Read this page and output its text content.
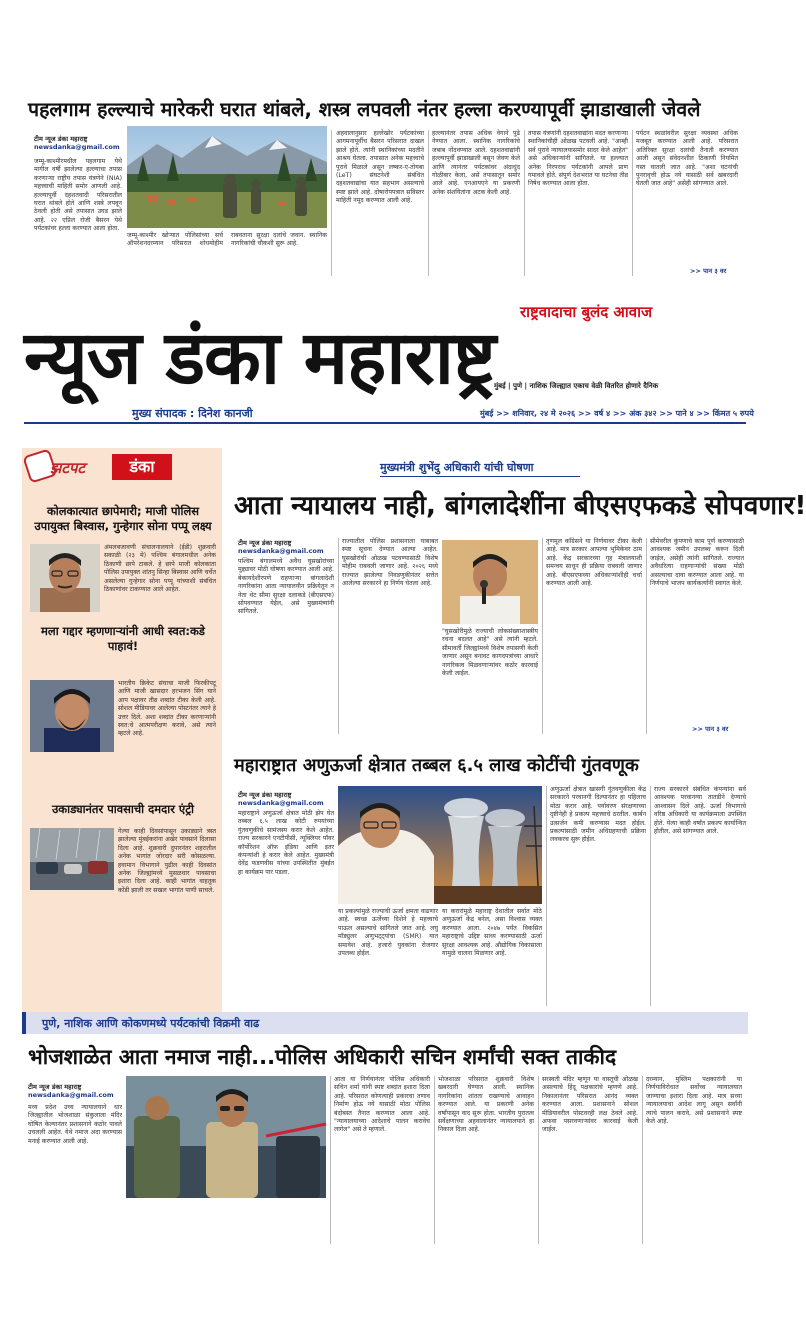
पहलगाम हल्ल्याचे मारेकरी घरात थांबले, शस्त्र लपवली नंतर हल्ला करण्यापूर्वी झाडाखाली जेवले
टीम न्यूज डंका महाराष्ट्र
newsdanka@gmail.com
जम्मू-काश्मीरमधील पहलगाम येथे मागील वर्षी झालेल्या हल्ल्याचा तपास करणाऱ्या राष्ट्रीय तपास यंत्रणेने (NIA) महत्त्वाची माहिती समोर आणली आहे. हल्ल्यापूर्वी दहशतवादी परिसरातील घरात थांबले होते आणि शस्त्रे लपवून ठेवली होती असे तपासात उघड झाले आहे. २२ एप्रिल रोजी बैसरन येथे पर्यटकांवर हल्ला करण्यात आला होता.
जम्मू-काश्मीर खोऱ्यात पोलिसांच्या सर्च ऑपरेशनदरम्यान परिसरात शोधमोहीम राबवताना सुरक्षा दलांचे जवान. स्थानिक नागरिकांची चौकशी सुरू आहे.
अहवालानुसार हल्लेखोर पर्यटकांच्या आगमनापूर्वीच बैसरन परिसरात दाखल झाले होते. त्यांनी स्थानिकांच्या मदतीने आश्रय घेतला. तपासात अनेक महत्त्वाचे पुरावे मिळाले असून लष्कर-ए-तोयबा (LeT) संघटनेशी संबंधित दहशतवाद्यांचा यात सहभाग असल्याचे स्पष्ट झाले आहे. दोषारोपपत्रात सविस्तर माहिती नमूद करण्यात आली आहे.
हल्ल्यानंतर तपास अधिक वेगाने पुढे नेण्यात आला. स्थानिक नागरिकांचे जबाब नोंदवण्यात आले. दहशतवाद्यांनी हल्ल्यापूर्वी झाडाखाली बसून जेवण केले आणि त्यानंतर पर्यटकांवर अंदाधुंद गोळीबार केला, असे तपासातून समोर आले आहे. एनआयएने या प्रकरणी अनेक संशयितांना अटक केली आहे.
तपास यंत्रणांनी दहशतवाद्यांना मदत करणाऱ्या स्थानिकांचीही ओळख पटवली आहे. "आम्ही सर्व पुरावे न्यायालयासमोर सादर केले आहेत" असे अधिकाऱ्यांनी सांगितले. या हल्ल्यात अनेक निरपराध पर्यटकांनी आपले प्राण गमावले होते. संपूर्ण देशभरात या घटनेचा तीव्र निषेध करण्यात आला होता.
पर्यटन स्थळांवरील सुरक्षा व्यवस्था अधिक मजबूत करण्यात आली आहे. परिसरात अतिरिक्त सुरक्षा दलांची तैनाती करण्यात आली असून संवेदनशील ठिकाणी नियमित गस्त घातली जात आहे. "अशा घटनांची पुनरावृत्ती होऊ नये यासाठी सर्व खबरदारी घेतली जात आहे" असेही सांगण्यात आले.
>> पान ३ वर
राष्ट्रवादाचा बुलंद आवाज
न्यूज डंका महाराष्ट्र
मुंबई | पुणे | नाशिक जिल्ह्यात एकाच वेळी वितरित होणारे दैनिक
मुख्य संपादक : दिनेश कानजी	मुंबई >> शनिवार, २४ मे २०२६ >> वर्ष ४ >> अंक ३४२ >> पाने ४ >> किंमत ५ रुपये
झटपट	डंका
कोलकात्यात छापेमारी; माजी पोलिस उपायुक्त बिस्वास, गुन्हेगार सोना पप्पू लक्ष्य
अंमलबजावणी संचालनालयाने (ईडी) शुक्रवारी सकाळी (२३ मे) पश्चिम बंगालमधील अनेक ठिकाणी छापे टाकले. हे छापे माजी कोलकाता पोलिस उपायुक्त शांतनु सिन्हा बिस्वास आणि चर्चेत असलेल्या गुन्हेगार सोना पप्पू यांच्याशी संबंधित ठिकाणांवर टाकण्यात आले आहेत.
मला गद्दार म्हणणाऱ्यांनी आधी स्वत:कडे पाहावं!
भारतीय क्रिकेट संघाचा माजी फिरकीपटू आणि माजी खासदार हरभजन सिंग याने आप पक्षावर तीव्र शब्दांत टीका केली आहे. सोशल मीडियावर आलेल्या पोस्टनंतर त्याने हे उत्तर दिले. अशा शब्दांत टीका करणाऱ्यांनी स्वत:चे आत्मपरीक्षण करावे, असे त्याने म्हटले आहे.
उकाड्यानंतर पावसाची दमदार एंट्री
गेल्या काही दिवसांपासून उकाड्याने त्रस्त झालेल्या मुंबईकरांना अखेर पावसाने दिलासा दिला आहे. शुक्रवारी दुपारनंतर शहरातील अनेक भागांत जोरदार सरी कोसळल्या. हवामान विभागाने पुढील काही दिवसांत अनेक जिल्ह्यांमध्ये मुसळधार पावसाचा इशारा दिला आहे. काही भागांत वाहतूक कोंडी झाली तर सखल भागांत पाणी साचले.
मुख्यमंत्री शुभेंदु अधिकारी यांची घोषणा
आता न्यायालय नाही, बांगलादेशींना बीएसएफकडे सोपवणार!
टीम न्यूज डंका महाराष्ट्र
newsdanka@gmail.com
पश्चिम बंगालमध्ये अवैध घुसखोरांच्या मुद्द्यावर मोठी घोषणा करण्यात आली आहे. बेकायदेशीरपणे राहणाऱ्या बांगलादेशी नागरिकांना आता न्यायालयीन प्रक्रियेतून न नेता थेट सीमा सुरक्षा दलाकडे (बीएसएफ) सोपवण्यात येईल, असे मुख्यमंत्र्यांनी सांगितले.
राज्यातील पोलिस प्रशासनाला याबाबत स्पष्ट सूचना देण्यात आल्या आहेत. घुसखोरांची ओळख पटवण्यासाठी विशेष मोहीम राबवली जाणार आहे. २०२६ मध्ये राज्यात झालेल्या निवडणुकीनंतर सत्तेत आलेल्या सरकारने हा निर्णय घेतला आहे.
"घुसखोरीमुळे राज्याची लोकसंख्याशास्त्रीय रचना बदलत आहे" असे त्यांनी म्हटले. सीमावर्ती जिल्ह्यांमध्ये विशेष तपासणी केली जाणार असून बनावट कागदपत्रांच्या आधारे नागरिकत्व मिळवणाऱ्यांवर कठोर कारवाई केली जाईल.
तृणमूल काँग्रेसने या निर्णयावर टीका केली आहे. मात्र सरकार आपल्या भूमिकेवर ठाम आहे. केंद्र सरकारच्या गृह मंत्रालयाशी समन्वय साधून ही प्रक्रिया राबवली जाणार आहे. बीएसएफच्या अधिकाऱ्यांशीही चर्चा करण्यात आली आहे.
सीमेवरील कुंपणाचे काम पूर्ण करण्यासाठी आवश्यक जमीन उपलब्ध करून दिली जाईल, असेही त्यांनी सांगितले. राज्यात अवैधरित्या राहणाऱ्यांची संख्या मोठी असल्याचा दावा करण्यात आला आहे. या निर्णयाचे भाजप कार्यकर्त्यांनी स्वागत केले.
>> पान ३ वर
महाराष्ट्रात अणुऊर्जा क्षेत्रात तब्बल ६.५ लाख कोटींची गुंतवणूक
टीम न्यूज डंका महाराष्ट्र
newsdanka@gmail.com
महाराष्ट्राने अणुऊर्जा क्षेत्रात मोठी झेप घेत तब्बल ६.५ लाख कोटी रुपयांच्या गुंतवणुकीचे सामंजस्य करार केले आहेत. राज्य सरकारने एनटीपीसी, न्यूक्लियर पॉवर कॉर्पोरेशन ऑफ इंडिया आणि इतर कंपन्यांशी हे करार केले आहेत. मुख्यमंत्री देवेंद्र फडणवीस यांच्या उपस्थितीत मुंबईत हा कार्यक्रम पार पडला.
या प्रकल्पांमुळे राज्याची ऊर्जा क्षमता वाढणार आहे. स्वच्छ ऊर्जेच्या दिशेने हे महत्त्वाचे पाऊल असल्याचे सांगितले जात आहे. लघु मॉड्युलर अणुभट्ट्यांचा (SMR) यात समावेश आहे. हजारो युवकांना रोजगार उपलब्ध होईल.
या करारांमुळे महाराष्ट्र देशातील सर्वात मोठे अणुऊर्जा केंद्र बनेल, असा विश्वास व्यक्त करण्यात आला. २०४७ पर्यंत विकसित महाराष्ट्राचे उद्दिष्ट साध्य करण्यासाठी ऊर्जा सुरक्षा आवश्यक आहे. औद्योगिक विकासाला यामुळे चालना मिळणार आहे.
अणुऊर्जा क्षेत्रात खासगी गुंतवणुकीला केंद्र सरकारने परवानगी दिल्यानंतर हा पहिलाच मोठा करार आहे. पर्यावरण संरक्षणाच्या दृष्टीनेही हे प्रकल्प महत्त्वाचे ठरतील. कार्बन उत्सर्जन कमी करण्यास मदत होईल. प्रकल्पांसाठी जमीन अधिग्रहणाची प्रक्रिया लवकरच सुरू होईल.
राज्य सरकारने संबंधित कंपन्यांना सर्व आवश्यक परवानग्या तातडीने देण्याचे आश्वासन दिले आहे. ऊर्जा विभागाचे वरिष्ठ अधिकारी या कार्यक्रमाला उपस्थित होते. येत्या काही वर्षांत प्रकल्प कार्यान्वित होतील, असे सांगण्यात आले.
पुणे, नाशिक आणि कोकणमध्ये पर्यटकांची विक्रमी वाढ
भोजशाळेत आता नमाज नाही...पोलिस अधिकारी सचिन शर्मांची सक्त ताकीद
टीम न्यूज डंका महाराष्ट्र
newsdanka@gmail.com
मध्य प्रदेश उच्च न्यायालयाने धार जिल्ह्यातील भोजशाळा संकुलाला मंदिर घोषित केल्यानंतर प्रशासनाने कठोर पावले उचलली आहेत. येथे नमाज अदा करण्यास मनाई करण्यात आली आहे.
आता या निर्णयानंतर पोलिस अधिकारी सचिन शर्मा यांनी स्पष्ट शब्दांत इशारा दिला आहे. परिसरात कोणत्याही प्रकारचा तणाव निर्माण होऊ नये यासाठी मोठा पोलिस बंदोबस्त तैनात करण्यात आला आहे. "न्यायालयाच्या आदेशाचे पालन करावेच लागेल" असे ते म्हणाले.
भोजशाळा परिसरात शुक्रवारी विशेष खबरदारी घेण्यात आली. स्थानिक नागरिकांना शांतता राखण्याचे आवाहन करण्यात आले. या प्रकरणी अनेक वर्षांपासून वाद सुरू होता. भारतीय पुरातत्व सर्वेक्षणाच्या अहवालानंतर न्यायालयाने हा निकाल दिला आहे.
सरस्वती मंदिर म्हणून या वास्तूची ओळख असल्याचे हिंदू पक्षकारांचे म्हणणे आहे. निकालानंतर परिसरात आनंद व्यक्त करण्यात आला. प्रशासनाने सोशल मीडियावरील पोस्टवरही लक्ष ठेवले आहे. अफवा पसरवणाऱ्यांवर कारवाई केली जाईल.
दरम्यान, मुस्लिम पक्षकारांनी या निर्णयाविरोधात सर्वोच्च न्यायालयात जाण्याचा इशारा दिला आहे. मात्र सध्या न्यायालयाचा आदेश लागू असून सर्वांनी त्याचे पालन करावे, असे प्रशासनाने स्पष्ट केले आहे.
